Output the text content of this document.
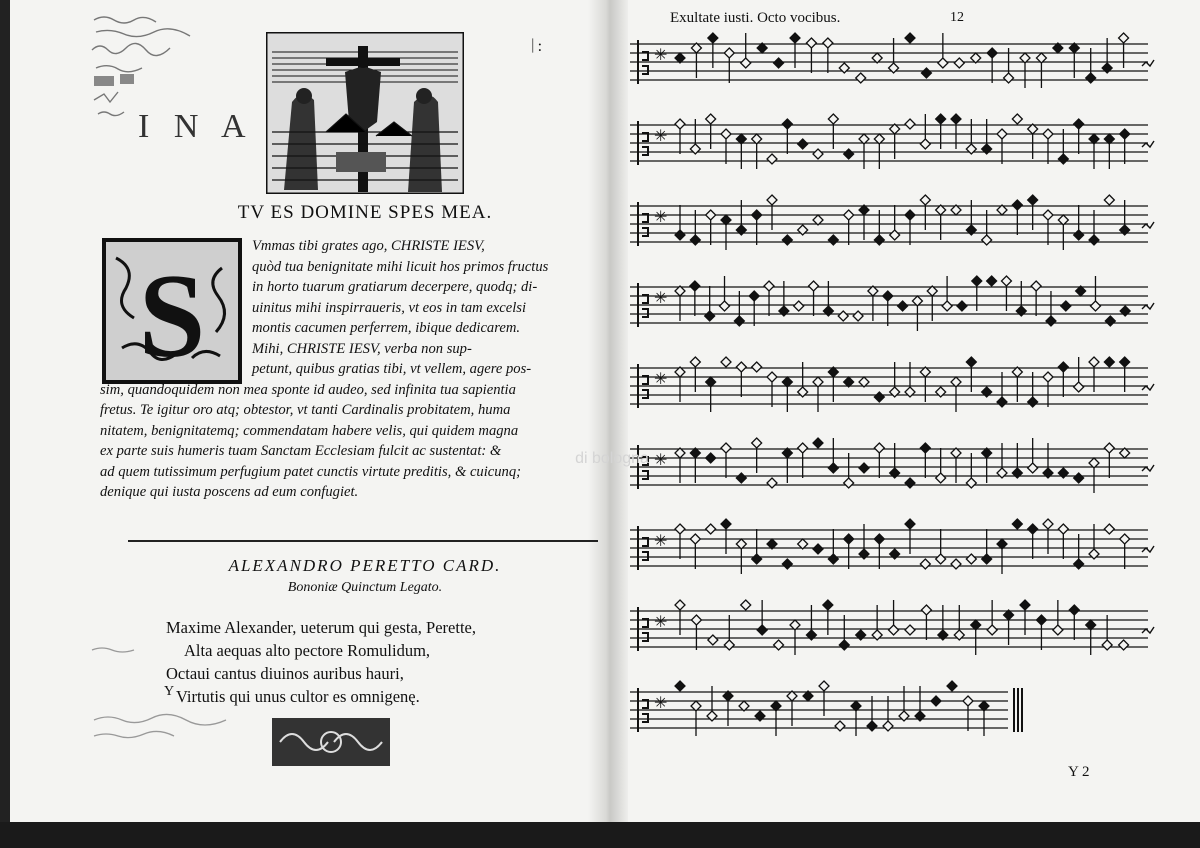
I N A
ᛁ:
TV ES DOMINE SPES MEA.
S
Vmmas tibi grates ago, CHRISTE IESV,
quòd tua benignitate mihi licuit hos primos fructus
in horto tuarum gratiarum decerpere, quodq; di-
uinitus mihi inspirraueris, vt eos in tam excelsi
montis cacumen perferrem, ibique dedicarem.
Mihi, CHRISTE IESV, verba non sup-
petunt, quibus gratias tibi, vt vellem, agere pos-
sim, quandoquidem non mea sponte id audeo, sed infinita tua sapientia
fretus. Te igitur oro atq; obtestor, vt tanti Cardinalis probitatem, huma
nitatem, benignitatemq; commendatam habere velis, qui quidem magna
ex parte suis humeris tuam Sanctam Ecclesiam fulcit ac sustentat: &
ad quem tutissimum perfugium patet cunctis virtute preditis, & cuicunq;
denique qui iusta poscens ad eum confugiet.
ALEXANDRO PERETTO CARD.
Bononiæ Quinctum Legato.
Maxime Alexander, ueterum qui gesta, Perette,
Alta aequas alto pectore Romulidum,
Octaui cantus diuinos auribus hauri,
Virtutis qui unus cultor es omnigenę.
Y
Exultate iusti. Octo vocibus.	12
✳
✳
✳
✳
✳
✳
✳
✳
✳
Y 2
di bologna
